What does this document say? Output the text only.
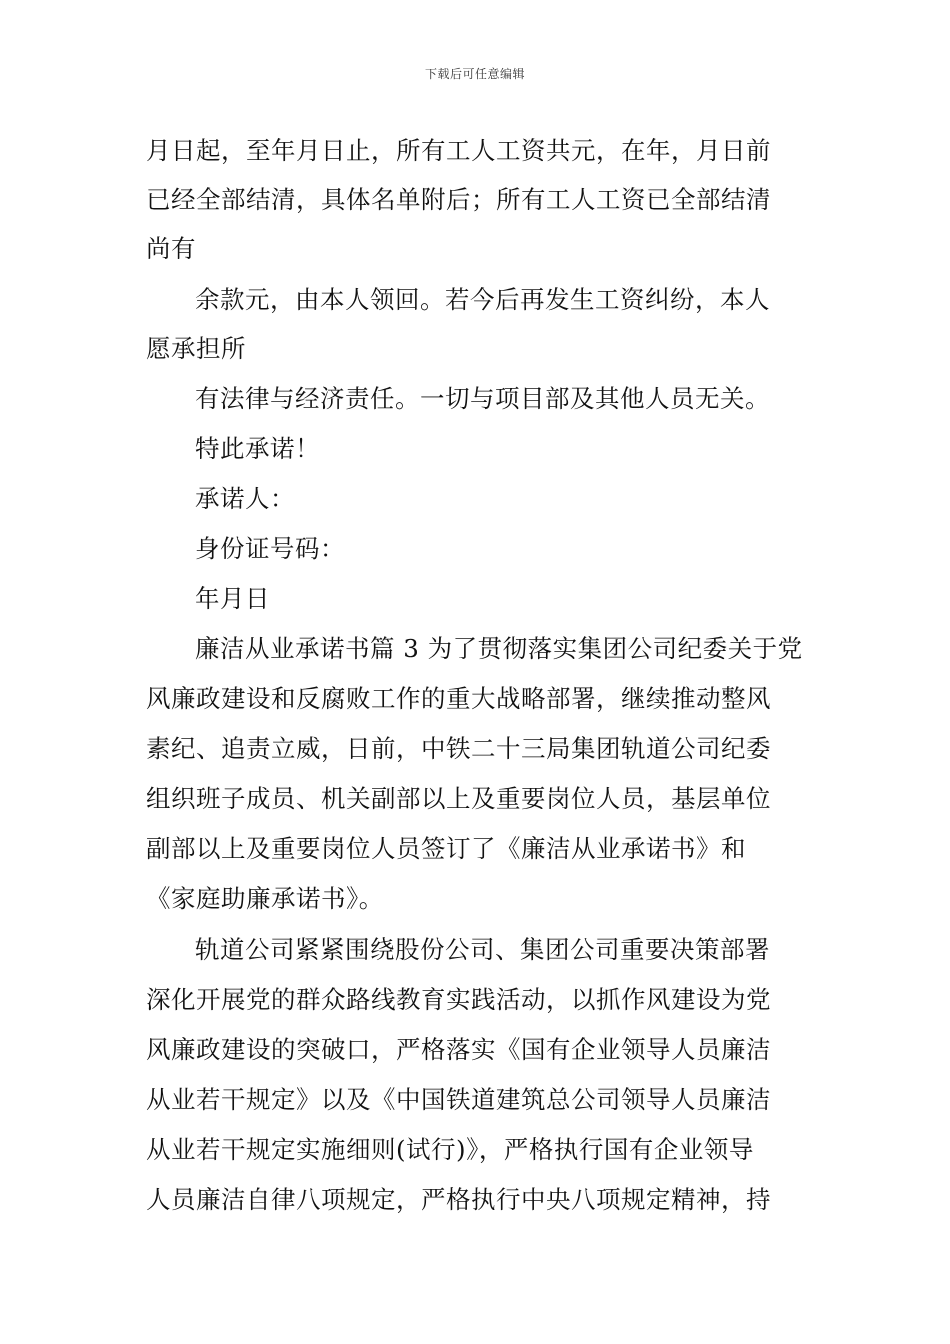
下载后可任意编辑
月日起，至年月日止，所有工人工资共元，在年，月日前
已经全部结清，具体名单附后；所有工人工资已全部结清
尚有
余款元，由本人领回。若今后再发生工资纠纷，本人
愿承担所
有法律与经济责任。一切与项目部及其他人员无关。
特此承诺！
承诺人：
身份证号码：
年月日
廉洁从业承诺书篇 3 为了贯彻落实集团公司纪委关于党
风廉政建设和反腐败工作的重大战略部署，继续推动整风
素纪、追责立威，日前，中铁二十三局集团轨道公司纪委
组织班子成员、机关副部以上及重要岗位人员，基层单位
副部以上及重要岗位人员签订了《廉洁从业承诺书》和
《家庭助廉承诺书》。
轨道公司紧紧围绕股份公司、集团公司重要决策部署
深化开展党的群众路线教育实践活动，以抓作风建设为党
风廉政建设的突破口，严格落实《国有企业领导人员廉洁
从业若干规定》以及《中国铁道建筑总公司领导人员廉洁
从业若干规定实施细则(试行)》，严格执行国有企业领导
人员廉洁自律八项规定，严格执行中央八项规定精神，持
